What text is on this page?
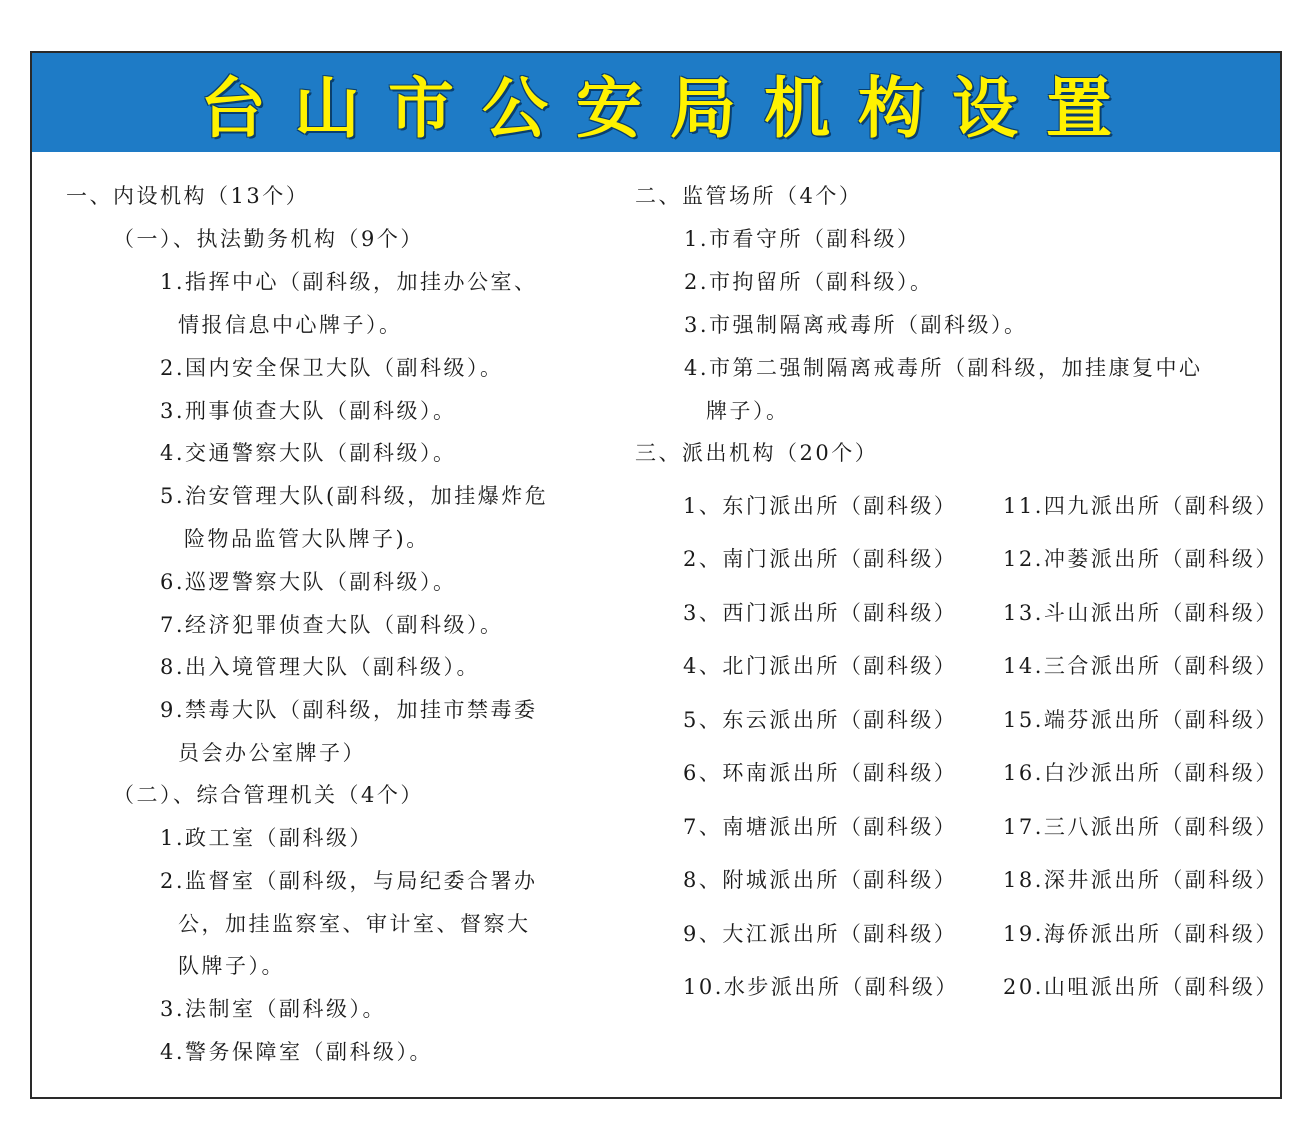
台山市公安局机构设置
一、内设机构（13个）
（一）、执法勤务机构（9个）
1.指挥中心（副科级，加挂办公室、
情报信息中心牌子）。
2.国内安全保卫大队（副科级）。
3.刑事侦查大队（副科级）。
4.交通警察大队（副科级）。
5.治安管理大队(副科级，加挂爆炸危
险物品监管大队牌子)。
6.巡逻警察大队（副科级）。
7.经济犯罪侦查大队（副科级）。
8.出入境管理大队（副科级）。
9.禁毒大队（副科级，加挂市禁毒委
员会办公室牌子）
（二）、综合管理机关（4个）
1.政工室（副科级）
2.监督室（副科级，与局纪委合署办
公，加挂监察室、审计室、督察大
队牌子）。
3.法制室（副科级）。
4.警务保障室（副科级）。
二、监管场所（4个）
1.市看守所（副科级）
2.市拘留所（副科级）。
3.市强制隔离戒毒所（副科级）。
4.市第二强制隔离戒毒所（副科级，加挂康复中心
牌子）。
三、派出机构（20个）
1、东门派出所（副科级）
2、南门派出所（副科级）
3、西门派出所（副科级）
4、北门派出所（副科级）
5、东云派出所（副科级）
6、环南派出所（副科级）
7、南塘派出所（副科级）
8、附城派出所（副科级）
9、大江派出所（副科级）
10.水步派出所（副科级）
11.四九派出所（副科级）
12.冲蒌派出所（副科级）
13.斗山派出所（副科级）
14.三合派出所（副科级）
15.端芬派出所（副科级）
16.白沙派出所（副科级）
17.三八派出所（副科级）
18.深井派出所（副科级）
19.海侨派出所（副科级）
20.山咀派出所（副科级）
